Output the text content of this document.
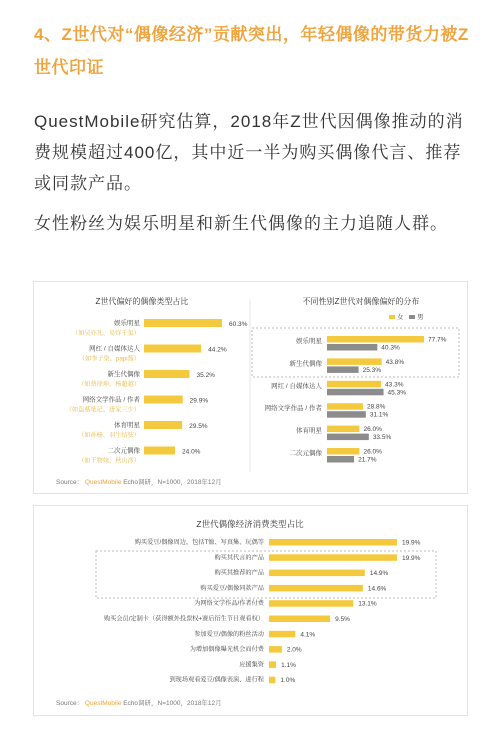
4、Z世代对“偶像经济”贡献突出，年轻偶像的带货力被Z世代印证
QuestMobile研究估算，2018年Z世代因偶像推动的消费规模超过400亿，其中近一半为购买偶像代言、推荐或同款产品。
女性粉丝为娱乐明星和新生代偶像的主力追随人群。
Z世代偏好的偶像类型占比
娱乐明星
（如吴亦凡、易烊千玺）
60.3%
网红 / 自媒体达人
（如李子柒、papi酱）
44.2%
新生代偶像
（如蔡徐坤、杨超越）
35.2%
网络文学作品 / 作者
（如盗墓笔记、唐家三少）
29.9%
体育明星
（如孙杨、羽生结弦）
29.5%
二次元偶像
（如干物妹、秋山澪）
24.0%
不同性别Z世代对偶像偏好的分布
女 男
娱乐明星	77.7%
40.3%
新生代偶像	43.8%
25.3%
网红 / 自媒体达人	43.3%
45.3%
网络文学作品 / 作者	28.8%
31.1%
体育明星	26.0%
33.5%
二次元偶像	26.0%
21.7%
Source： QuestMobile Echo调研，N=1000，2018年12月
Z世代偶像经济消费类型占比
购买爱豆/偶像周边，包括T恤、写真集、玩偶等	19.9%
购买其代言的产品	19.9%
购买其推荐的产品	14.9%
购买爱豆/偶像同款产品	14.6%
为网络文学作品/作者付费	13.1%
购买会员/定制卡（获得额外投票权+赛后衍生节目观看权）	9.5%
参加爱豆/偶像的粉丝活动	4.1%
为增加偶像曝光机会而付费	2.0%
应援集资	1.1%
到现场观看爱豆/偶像表演、进行程	1.0%
Source： QuestMobile Echo调研，N=1000，2018年12月
